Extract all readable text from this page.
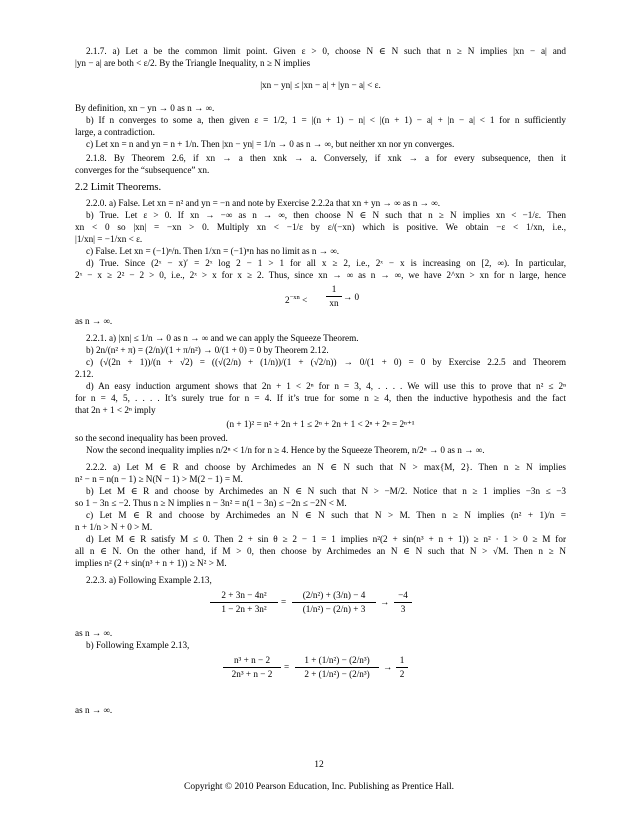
2.1.7. a) Let a be the common limit point. Given ε > 0, choose N ∈ N such that n ≥ N implies |xn − a| and
|yn − a| are both < ε/2. By the Triangle Inequality, n ≥ N implies
|xn − yn| ≤ |xn − a| + |yn − a| < ε.
By definition, xn − yn → 0 as n → ∞.
b) If n converges to some a, then given ε = 1/2, 1 = |(n + 1) − n| < |(n + 1) − a| + |n − a| < 1 for n sufficiently
large, a contradiction.
c) Let xn = n and yn = n + 1/n. Then |xn − yn| = 1/n → 0 as n → ∞, but neither xn nor yn converges.
2.1.8. By Theorem 2.6, if xn → a then xnk → a. Conversely, if xnk → a for every subsequence, then it
converges for the “subsequence” xn.
2.2 Limit Theorems.
2.2.0. a) False. Let xn = n² and yn = −n and note by Exercise 2.2.2a that xn + yn → ∞ as n → ∞.
b) True. Let ε > 0. If xn → −∞ as n → ∞, then choose N ∈ N such that n ≥ N implies xn < −1/ε. Then
xn < 0 so |xn| = −xn > 0. Multiply xn < −1/ε by ε/(−xn) which is positive. We obtain −ε < 1/xn, i.e.,
|1/xn| = −1/xn < ε.
c) False. Let xn = (−1)ⁿ/n. Then 1/xn = (−1)ⁿn has no limit as n → ∞.
d) True. Since (2ˣ − x)′ = 2ˣ log 2 − 1 > 1 for all x ≥ 2, i.e., 2ˣ − x is increasing on [2, ∞). In particular,
2ˣ − x ≥ 2² − 2 > 0, i.e., 2ˣ > x for x ≥ 2. Thus, since xn → ∞ as n → ∞, we have 2^xn > xn for n large, hence
$2^{-xn}$ <
1
xn
→ 0
as n → ∞.
2.2.1. a) |xn| ≤ 1/n → 0 as n → ∞ and we can apply the Squeeze Theorem.
b) 2n/(n² + π) = (2/n)/(1 + π/n²) → 0/(1 + 0) = 0 by Theorem 2.12.
c) (√(2n + 1))/(n + √2) = ((√(2/n) + (1/n))/(1 + (√2/n)) → 0/(1 + 0) = 0 by Exercise 2.2.5 and Theorem
2.12.
d) An easy induction argument shows that 2n + 1 < 2ⁿ for n = 3, 4, . . . . We will use this to prove that n² ≤ 2ⁿ
for n = 4, 5, . . . . It’s surely true for n = 4. If it’s true for some n ≥ 4, then the inductive hypothesis and the fact
that 2n + 1 < 2ⁿ imply
(n + 1)² = n² + 2n + 1 ≤ 2ⁿ + 2n + 1 < 2ⁿ + 2ⁿ = 2ⁿ⁺¹
so the second inequality has been proved.
Now the second inequality implies n/2ⁿ < 1/n for n ≥ 4. Hence by the Squeeze Theorem, n/2ⁿ → 0 as n → ∞.
2.2.2. a) Let M ∈ R and choose by Archimedes an N ∈ N such that N > max{M, 2}. Then n ≥ N implies
n² − n = n(n − 1) ≥ N(N − 1) > M(2 − 1) = M.
b) Let M ∈ R and choose by Archimedes an N ∈ N such that N > −M/2. Notice that n ≥ 1 implies −3n ≤ −3
so 1 − 3n ≤ −2. Thus n ≥ N implies n − 3n² = n(1 − 3n) ≤ −2n ≤ −2N < M.
c) Let M ∈ R and choose by Archimedes an N ∈ N such that N > M. Then n ≥ N implies (n² + 1)/n =
n + 1/n > N + 0 > M.
d) Let M ∈ R satisfy M ≤ 0. Then 2 + sin θ ≥ 2 − 1 = 1 implies n²(2 + sin(n³ + n + 1)) ≥ n² · 1 > 0 ≥ M for
all n ∈ N. On the other hand, if M > 0, then choose by Archimedes an N ∈ N such that N > √M. Then n ≥ N
implies n² (2 + sin(n³ + n + 1)) ≥ N² > M.
2.2.3. a) Following Example 2.13,
2 + 3n − 4n²
1 − 2n + 3n²
=
(2/n²) + (3/n) − 4
(1/n²) − (2/n) + 3
→
−4
3
as n → ∞.
b) Following Example 2.13,
n³ + n − 2
2n³ + n − 2
=
1 + (1/n²) − (2/n³)
2 + (1/n²) − (2/n³)
→
1
2
as n → ∞.
12
Copyright © 2010 Pearson Education, Inc. Publishing as Prentice Hall.
